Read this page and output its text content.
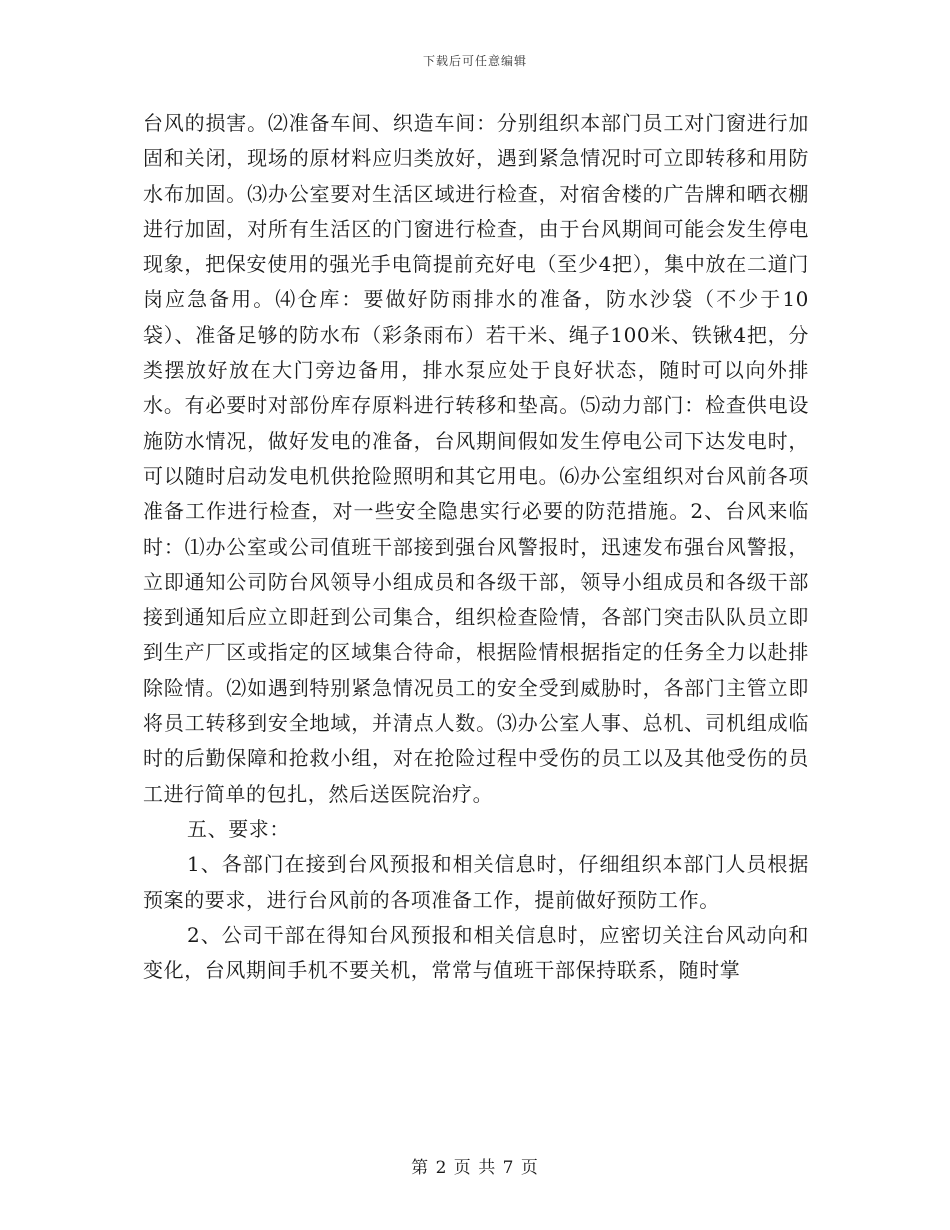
下载后可任意编辑

台风的损害。⑵准备车间、织造车间：分别组织本部门员工对门窗进行加固和关闭，现场的原材料应归类放好，遇到紧急情况时可立即转移和用防水布加固。⑶办公室要对生活区域进行检查，对宿舍楼的广告牌和晒衣棚进行加固，对所有生活区的门窗进行检查，由于台风期间可能会发生停电现象，把保安使用的强光手电筒提前充好电（至少4把），集中放在二道门岗应急备用。⑷仓库：要做好防雨排水的准备，防水沙袋（不少于10袋）、准备足够的防水布（彩条雨布）若干米、绳子100米、铁锹4把，分类摆放好放在大门旁边备用，排水泵应处于良好状态，随时可以向外排水。有必要时对部份库存原料进行转移和垫高。⑸动力部门：检查供电设施防水情况，做好发电的准备，台风期间假如发生停电公司下达发电时，可以随时启动发电机供抢险照明和其它用电。⑹办公室组织对台风前各项准备工作进行检查，对一些安全隐患实行必要的防范措施。2、台风来临时：⑴办公室或公司值班干部接到强台风警报时，迅速发布强台风警报，立即通知公司防台风领导小组成员和各级干部，领导小组成员和各级干部接到通知后应立即赶到公司集合，组织检查险情，各部门突击队队员立即到生产厂区或指定的区域集合待命，根据险情根据指定的任务全力以赴排除险情。⑵如遇到特别紧急情况员工的安全受到威胁时，各部门主管立即将员工转移到安全地域，并清点人数。⑶办公室人事、总机、司机组成临时的后勤保障和抢救小组，对在抢险过程中受伤的员工以及其他受伤的员工进行简单的包扎，然后送医院治疗。

五、要求：

1、各部门在接到台风预报和相关信息时，仔细组织本部门人员根据预案的要求，进行台风前的各项准备工作，提前做好预防工作。

2、公司干部在得知台风预报和相关信息时，应密切关注台风动向和变化，台风期间手机不要关机，常常与值班干部保持联系，随时掌

第 2 页 共 7 页
